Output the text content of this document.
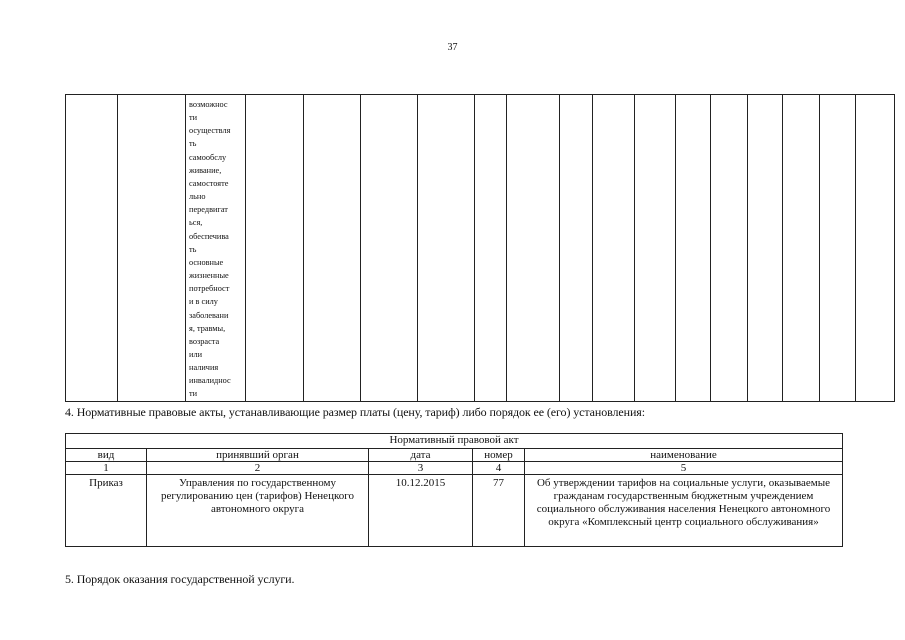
37

возможнос
ти
осуществля
ть
самообслу
живание,
самостояте
льно
передвигат
ься,
обеспечива
ть
основные
жизненные
потребност
и в силу
заболевани
я, травмы,
возраста
или
наличия
инвалиднос
ти

4. Нормативные правовые акты, устанавливающие размер платы (цену, тариф) либо порядок ее (его) установления:
Нормативный правовой акт				
вид	принявший орган	дата	номер	наименование
1	2	3	4	5
Приказ	Управления по государственному регулированию цен (тарифов) Ненецкого автономного округа	10.12.2015	77	Об утверждении тарифов на социальные услуги, оказываемые гражданам государственным бюджетным учреждением социального обслуживания населения Ненецкого автономного округа «Комплексный центр социального обслуживания»
5. Порядок оказания государственной услуги.
